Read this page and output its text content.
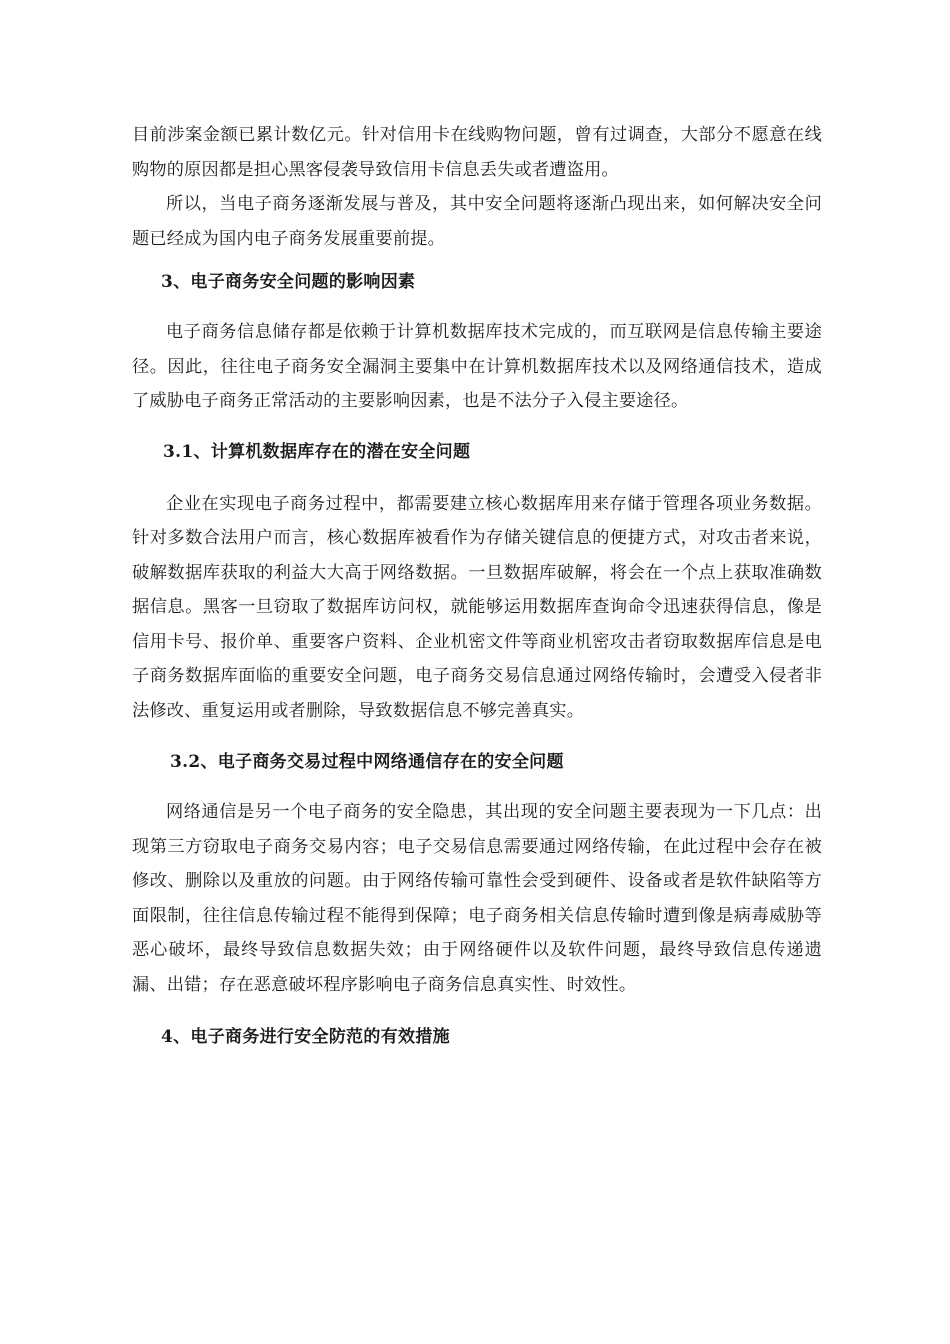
目前涉案金额已累计数亿元。针对信用卡在线购物问题，曾有过调查，大部分不愿意在线购物的原因都是担心黑客侵袭导致信用卡信息丢失或者遭盗用。

所以，当电子商务逐渐发展与普及，其中安全问题将逐渐凸现出来，如何解决安全问题已经成为国内电子商务发展重要前提。

3、电子商务安全问题的影响因素

电子商务信息储存都是依赖于计算机数据库技术完成的，而互联网是信息传输主要途径。因此，往往电子商务安全漏洞主要集中在计算机数据库技术以及网络通信技术，造成了威胁电子商务正常活动的主要影响因素，也是不法分子入侵主要途径。

3.1、计算机数据库存在的潜在安全问题

企业在实现电子商务过程中，都需要建立核心数据库用来存储于管理各项业务数据。针对多数合法用户而言，核心数据库被看作为存储关键信息的便捷方式，对攻击者来说，破解数据库获取的利益大大高于网络数据。一旦数据库破解，将会在一个点上获取准确数据信息。黑客一旦窃取了数据库访问权，就能够运用数据库查询命令迅速获得信息，像是信用卡号、报价单、重要客户资料、企业机密文件等商业机密攻击者窃取数据库信息是电子商务数据库面临的重要安全问题，电子商务交易信息通过网络传输时，会遭受入侵者非法修改、重复运用或者删除，导致数据信息不够完善真实。

3.2、电子商务交易过程中网络通信存在的安全问题

网络通信是另一个电子商务的安全隐患，其出现的安全问题主要表现为一下几点：出现第三方窃取电子商务交易内容；电子交易信息需要通过网络传输，在此过程中会存在被修改、删除以及重放的问题。由于网络传输可靠性会受到硬件、设备或者是软件缺陷等方面限制，往往信息传输过程不能得到保障；电子商务相关信息传输时遭到像是病毒威胁等恶心破坏，最终导致信息数据失效；由于网络硬件以及软件问题，最终导致信息传递遗漏、出错；存在恶意破坏程序影响电子商务信息真实性、时效性。

4、电子商务进行安全防范的有效措施
